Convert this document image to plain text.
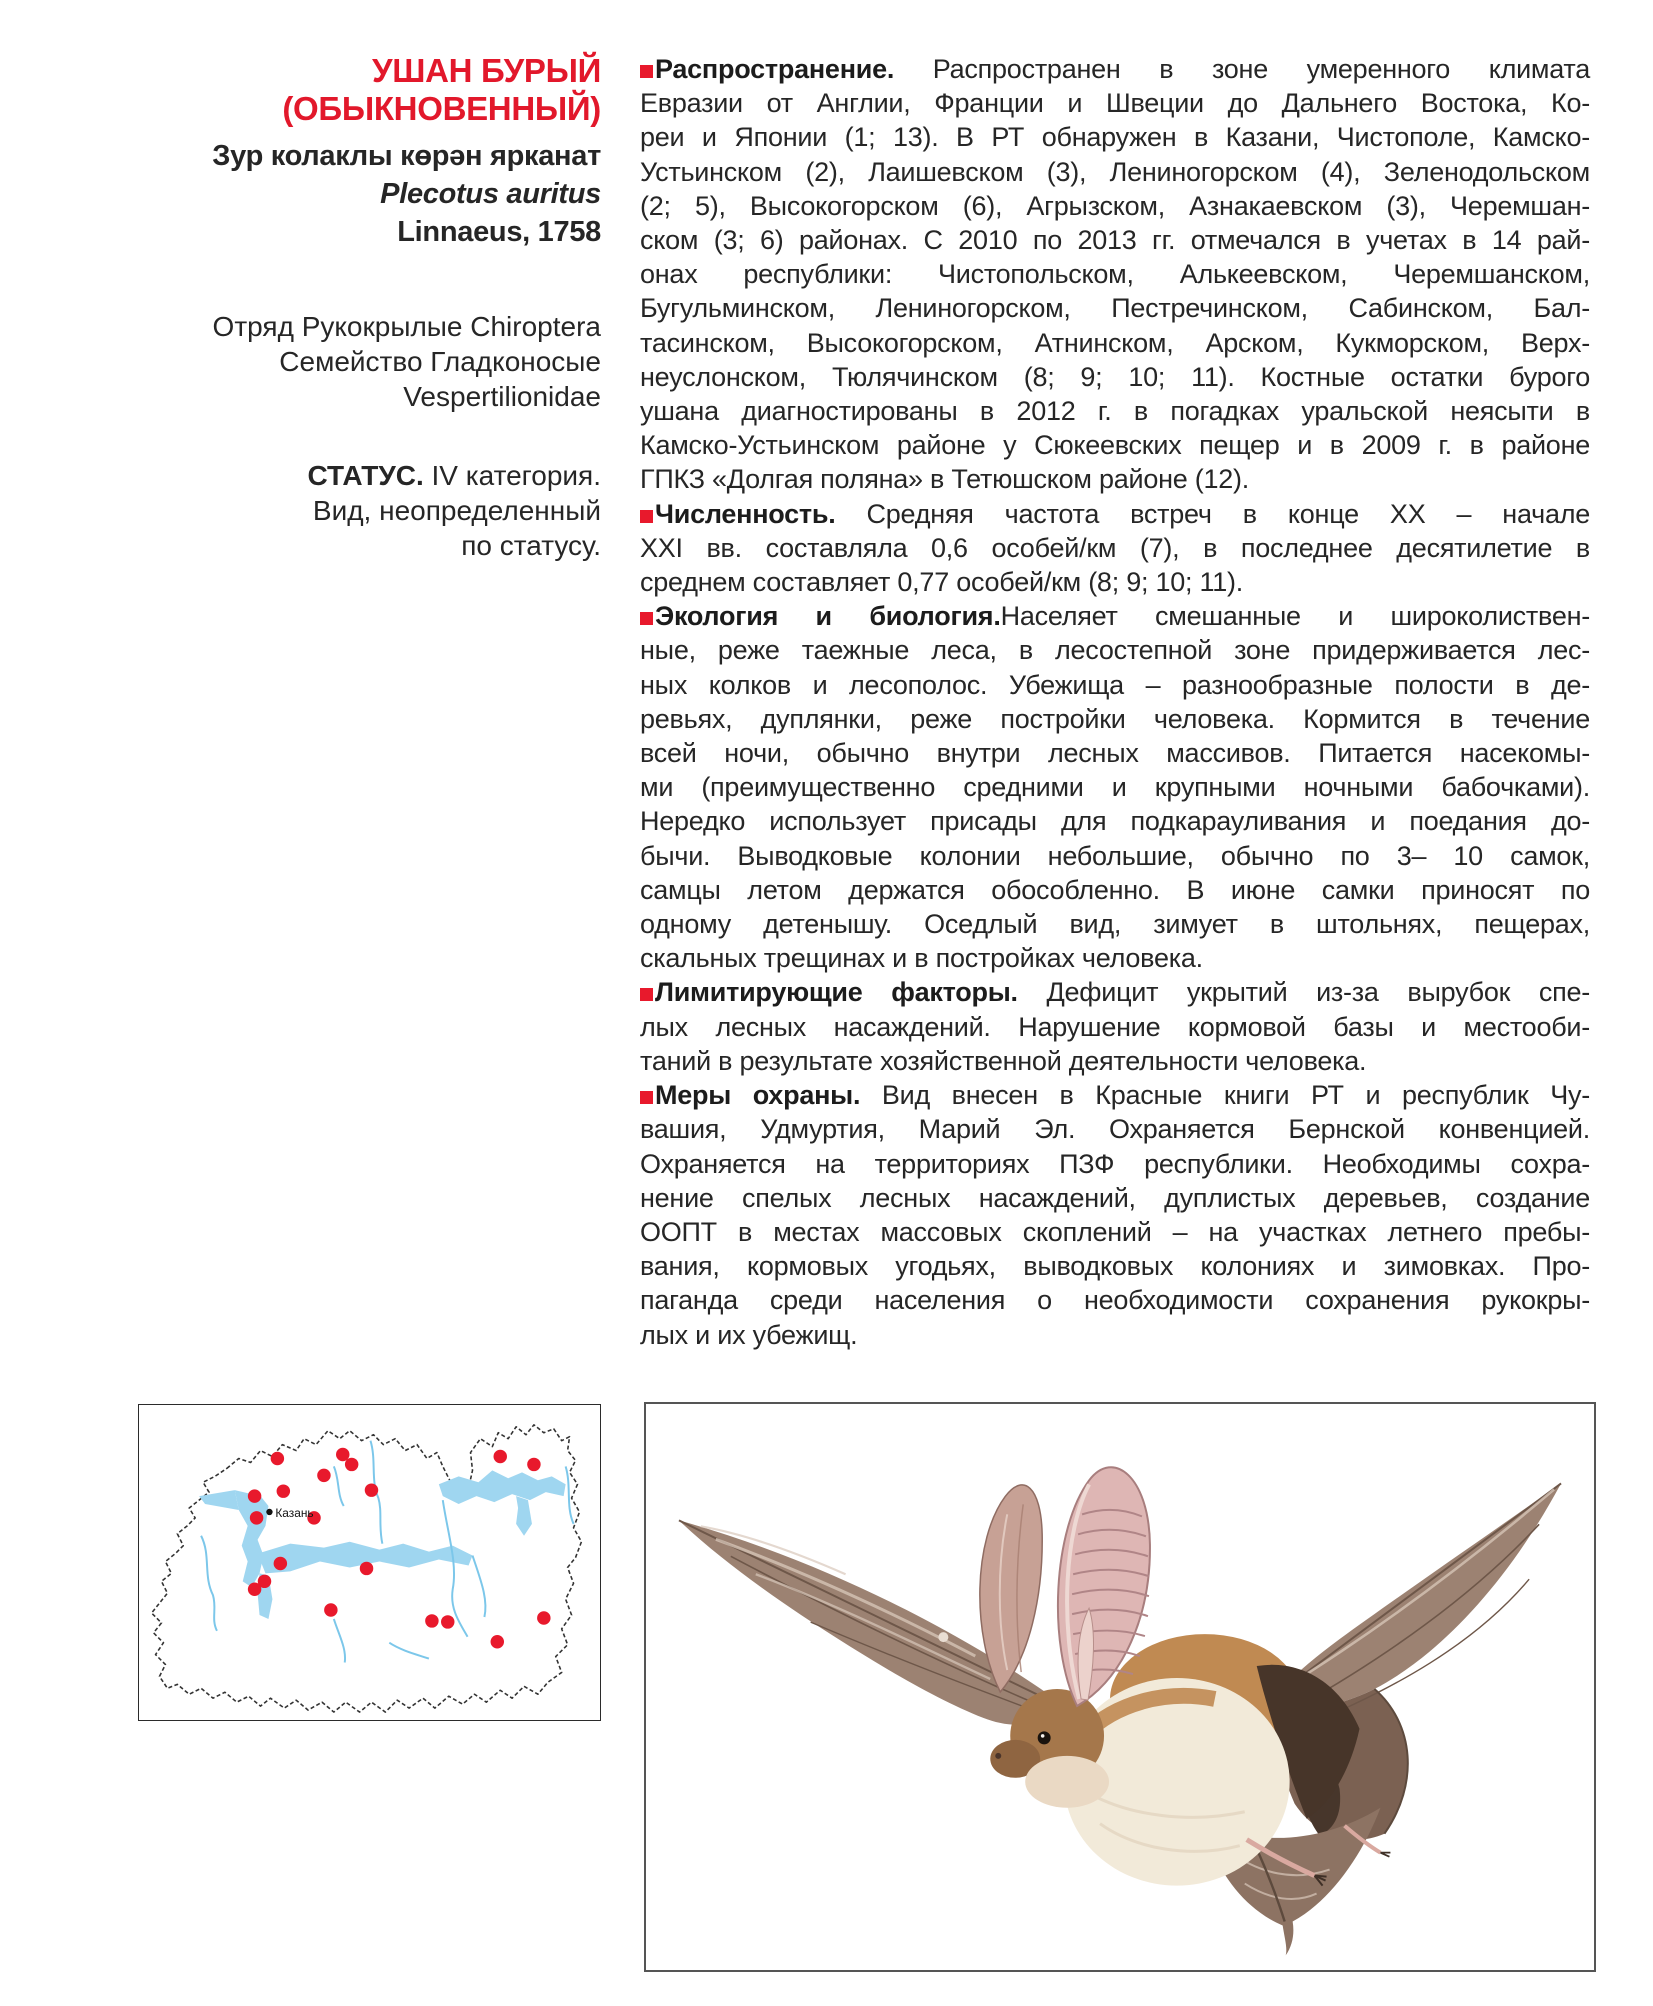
УШАН БУРЫЙ
(ОБЫКНОВЕННЫЙ)
Зур колаклы көрән ярканат
Plecotus auritus
Linnaeus, 1758
Отряд Рукокрылые Chiroptera
Семейство Гладконосые
Vespertilionidae
СТАТУС. IV категория.
Вид, неопределенный
по статусу.
Распространение. Распространен в зоне умеренного климата
Евразии от Англии, Франции и Швеции до Дальнего Востока, Ко-
реи и Японии (1; 13). В РТ обнаружен в Казани, Чистополе, Камско-
Устьинском (2), Лаишевском (3), Лениногорском (4), Зеленодольском
(2; 5), Высокогорском (6), Агрызском, Азнакаевском (3), Черемшан-
ском (3; 6) районах. С 2010 по 2013 гг. отмечался в учетах в 14 рай-
онах республики: Чистопольском, Алькеевском, Черемшанском,
Бугульминском, Лениногорском, Пестречинском, Сабинском, Бал-
тасинском, Высокогорском, Атнинском, Арском, Кукморском, Верх-
неуслонском, Тюлячинском (8; 9; 10; 11). Костные остатки бурого
ушана диагностированы в 2012 г. в погадках уральской неясыти в
Камско-Устьинском районе у Сюкеевских пещер и в 2009 г. в районе
ГПКЗ «Долгая поляна» в Тетюшском районе (12).
Численность. Средняя частота встреч в конце XX – начале
XXI вв. составляла 0,6 особей/км (7), в последнее десятилетие в
среднем составляет 0,77 особей/км (8; 9; 10; 11).
Экология и биология.Населяет смешанные и широколиствен-
ные, реже таежные леса, в лесостепной зоне придерживается лес-
ных колков и лесополос. Убежища – разнообразные полости в де-
ревьях, дуплянки, реже постройки человека. Кормится в течение
всей ночи, обычно внутри лесных массивов. Питается насекомы-
ми (преимущественно средними и крупными ночными бабочками).
Нередко использует присады для подкарауливания и поедания до-
бычи. Выводковые колонии небольшие, обычно по 3– 10 самок,
самцы летом держатся обособленно. В июне самки приносят по
одному детенышу. Оседлый вид, зимует в штольнях, пещерах,
скальных трещинах и в постройках человека.
Лимитирующие факторы. Дефицит укрытий из-за вырубок спе-
лых лесных насаждений. Нарушение кормовой базы и местооби-
таний в результате хозяйственной деятельности человека.
Меры охраны. Вид внесен в Красные книги РТ и республик Чу-
вашия, Удмуртия, Марий Эл. Охраняется Бернской конвенцией.
Охраняется на территориях ПЗФ республики. Необходимы сохра-
нение спелых лесных насаждений, дуплистых деревьев, создание
ООПТ в местах массовых скоплений – на участках летнего пребы-
вания, кормовых угодьях, выводковых колониях и зимовках. Про-
паганда среди населения о необходимости сохранения рукокры-
лых и их убежищ.
Казань
